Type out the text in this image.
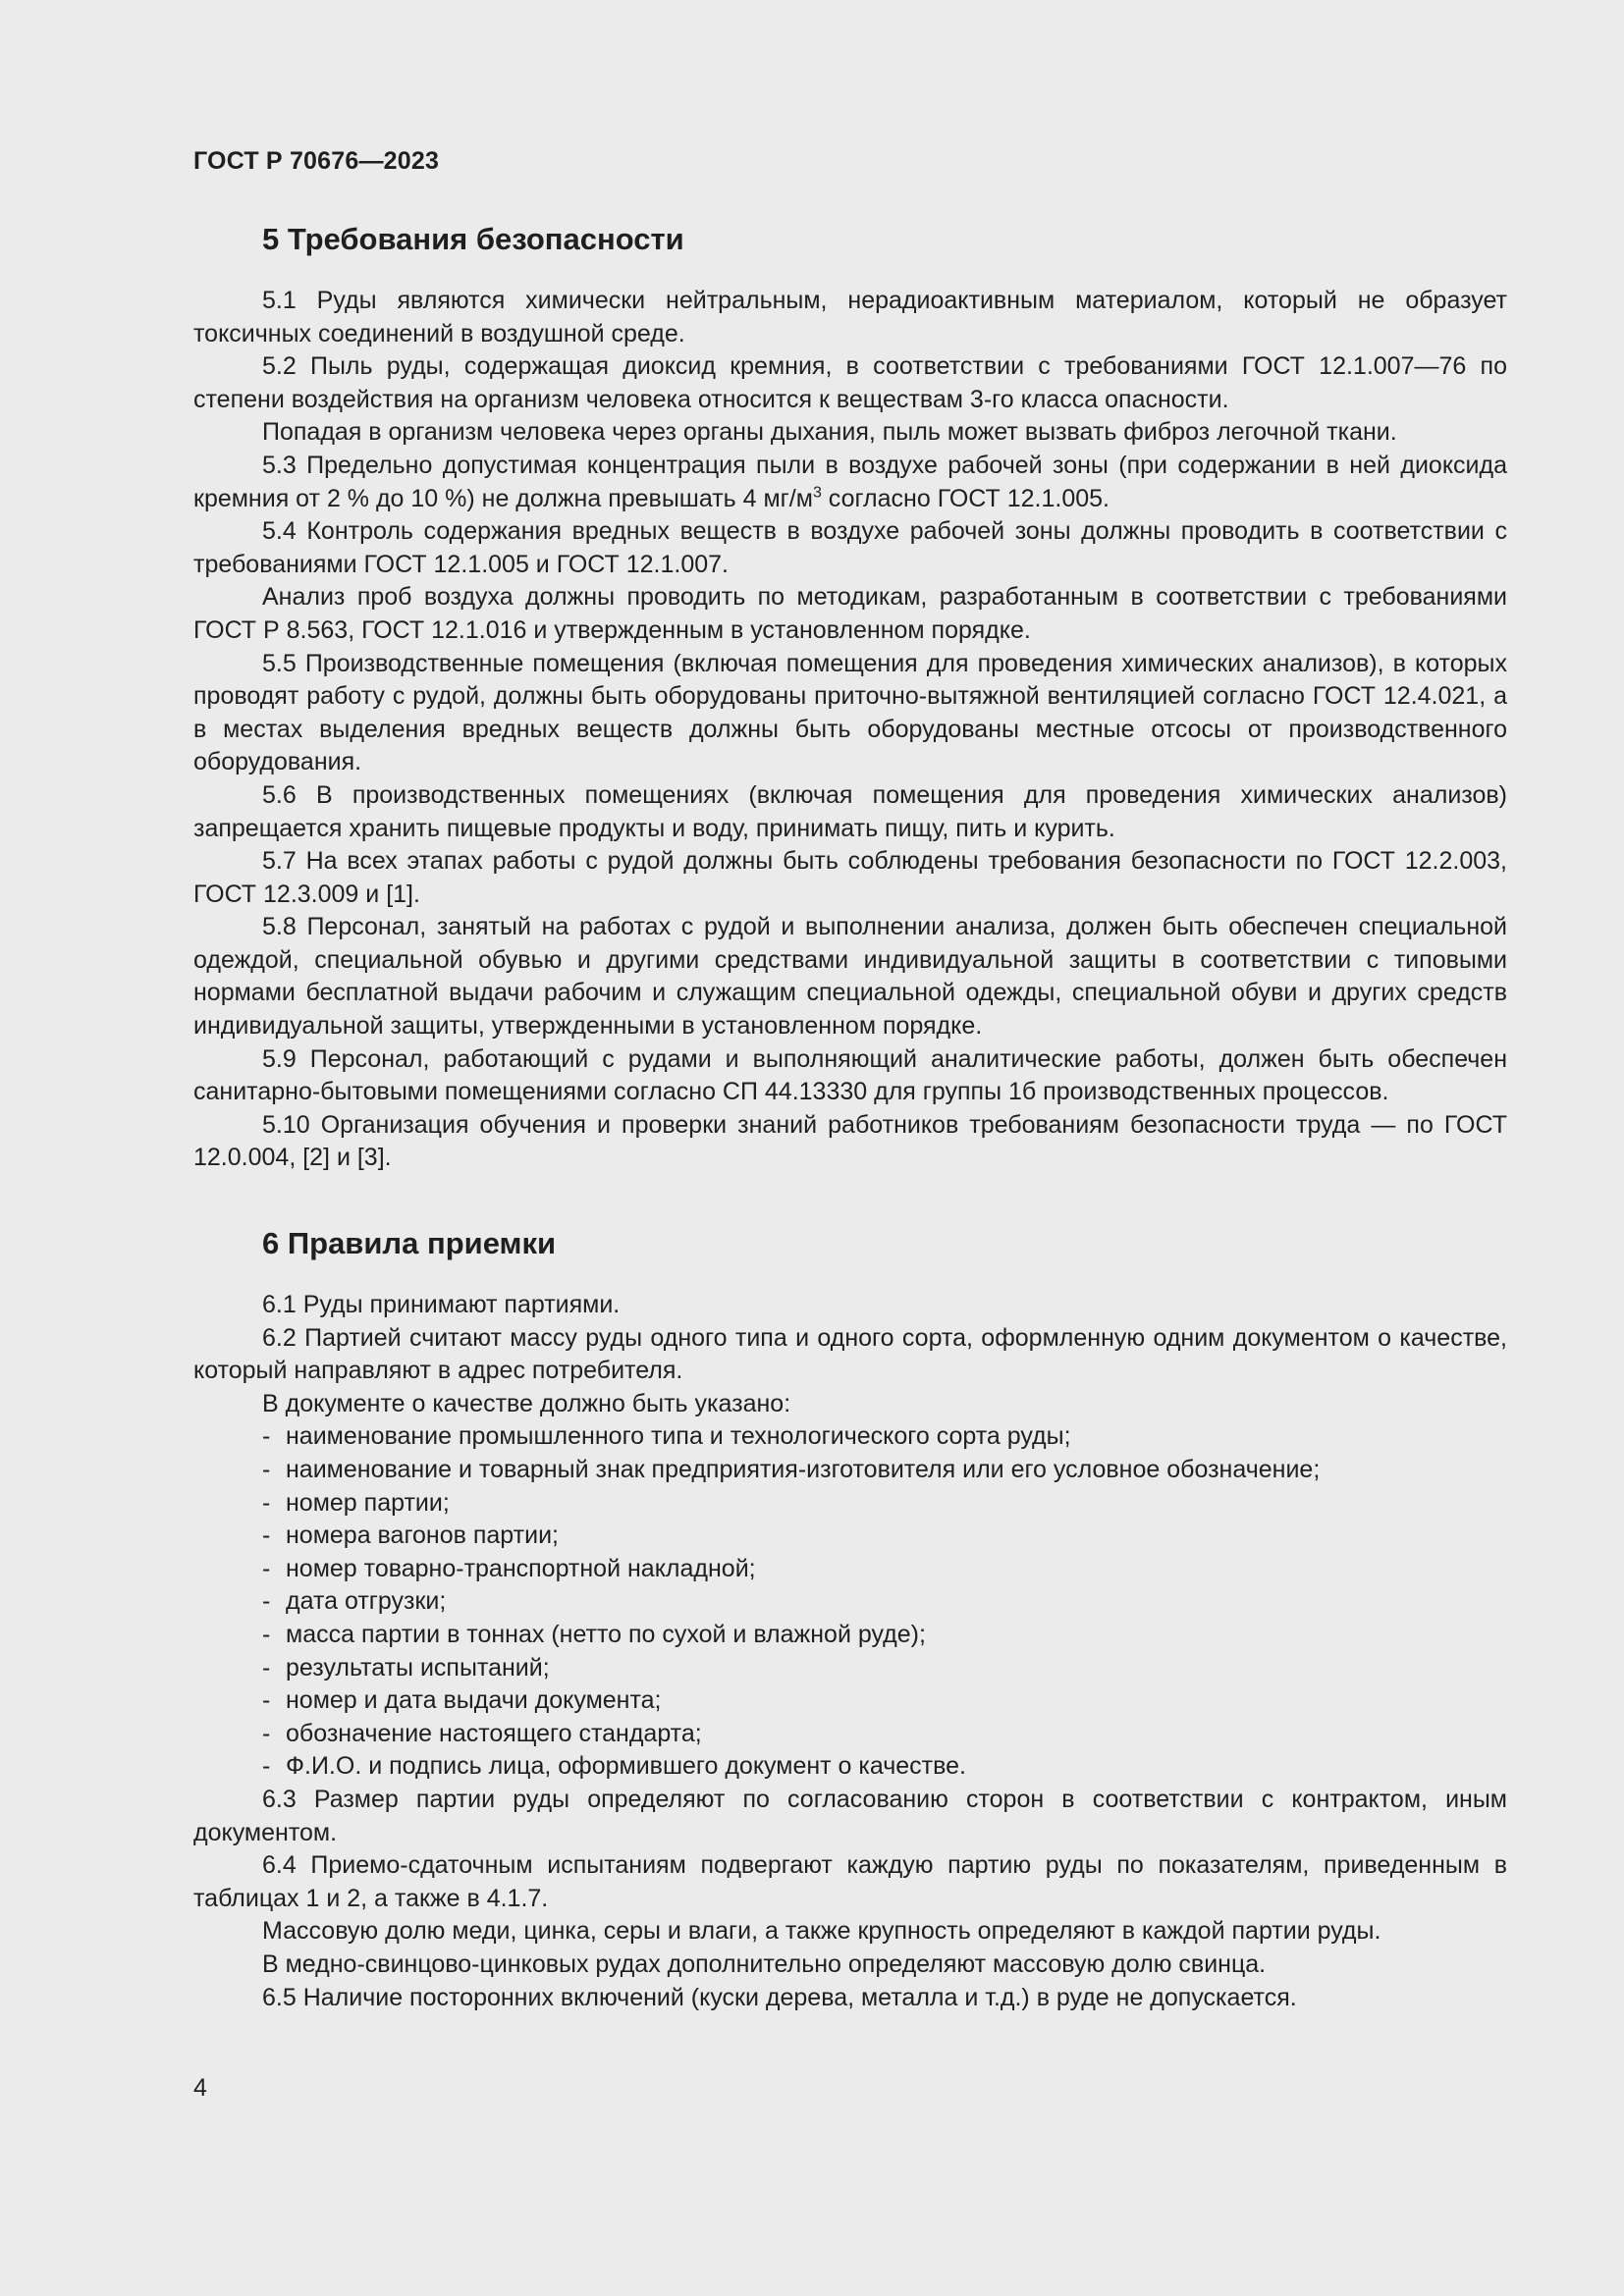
ГОСТ Р 70676—2023
5 Требования безопасности

5.1 Руды являются химически нейтральным, нерадиоактивным материалом, который не образует токсичных соединений в воздушной среде.

5.2 Пыль руды, содержащая диоксид кремния, в соответствии с требованиями ГОСТ 12.1.007—76 по степени воздействия на организм человека относится к веществам 3-го класса опасности.

Попадая в организм человека через органы дыхания, пыль может вызвать фиброз легочной ткани.

5.3 Предельно допустимая концентрация пыли в воздухе рабочей зоны (при содержании в ней диоксида кремния от 2 % до 10 %) не должна превышать 4 $мг/м^3$ согласно ГОСТ 12.1.005.

5.4 Контроль содержания вредных веществ в воздухе рабочей зоны должны проводить в соответствии с требованиями ГОСТ 12.1.005 и ГОСТ 12.1.007.

Анализ проб воздуха должны проводить по методикам, разработанным в соответствии с требованиями ГОСТ Р 8.563, ГОСТ 12.1.016 и утвержденным в установленном порядке.

5.5 Производственные помещения (включая помещения для проведения химических анализов), в которых проводят работу с рудой, должны быть оборудованы приточно-вытяжной вентиляцией согласно ГОСТ 12.4.021, а в местах выделения вредных веществ должны быть оборудованы местные отсосы от производственного оборудования.

5.6 В производственных помещениях (включая помещения для проведения химических анализов) запрещается хранить пищевые продукты и воду, принимать пищу, пить и курить.

5.7 На всех этапах работы с рудой должны быть соблюдены требования безопасности по ГОСТ 12.2.003, ГОСТ 12.3.009 и [1].

5.8 Персонал, занятый на работах с рудой и выполнении анализа, должен быть обеспечен специальной одеждой, специальной обувью и другими средствами индивидуальной защиты в соответствии с типовыми нормами бесплатной выдачи рабочим и служащим специальной одежды, специальной обуви и других средств индивидуальной защиты, утвержденными в установленном порядке.

5.9 Персонал, работающий с рудами и выполняющий аналитические работы, должен быть обеспечен санитарно-бытовыми помещениями согласно СП 44.13330 для группы 1б производственных процессов.

5.10 Организация обучения и проверки знаний работников требованиям безопасности труда — по ГОСТ 12.0.004, [2] и [3].

6 Правила приемки

6.1 Руды принимают партиями.

6.2 Партией считают массу руды одного типа и одного сорта, оформленную одним документом о качестве, который направляют в адрес потребителя.

В документе о качестве должно быть указано:

- наименование промышленного типа и технологического сорта руды;

- наименование и товарный знак предприятия-изготовителя или его условное обозначение;

- номер партии;

- номера вагонов партии;

- номер товарно-транспортной накладной;

- дата отгрузки;

- масса партии в тоннах (нетто по сухой и влажной руде);

- результаты испытаний;

- номер и дата выдачи документа;

- обозначение настоящего стандарта;

- Ф.И.О. и подпись лица, оформившего документ о качестве.

6.3 Размер партии руды определяют по согласованию сторон в соответствии с контрактом, иным документом.

6.4 Приемо-сдаточным испытаниям подвергают каждую партию руды по показателям, приведенным в таблицах 1 и 2, а также в 4.1.7.

Массовую долю меди, цинка, серы и влаги, а также крупность определяют в каждой партии руды.

В медно-свинцово-цинковых рудах дополнительно определяют массовую долю свинца.

6.5 Наличие посторонних включений (куски дерева, металла и т.д.) в руде не допускается.

4
